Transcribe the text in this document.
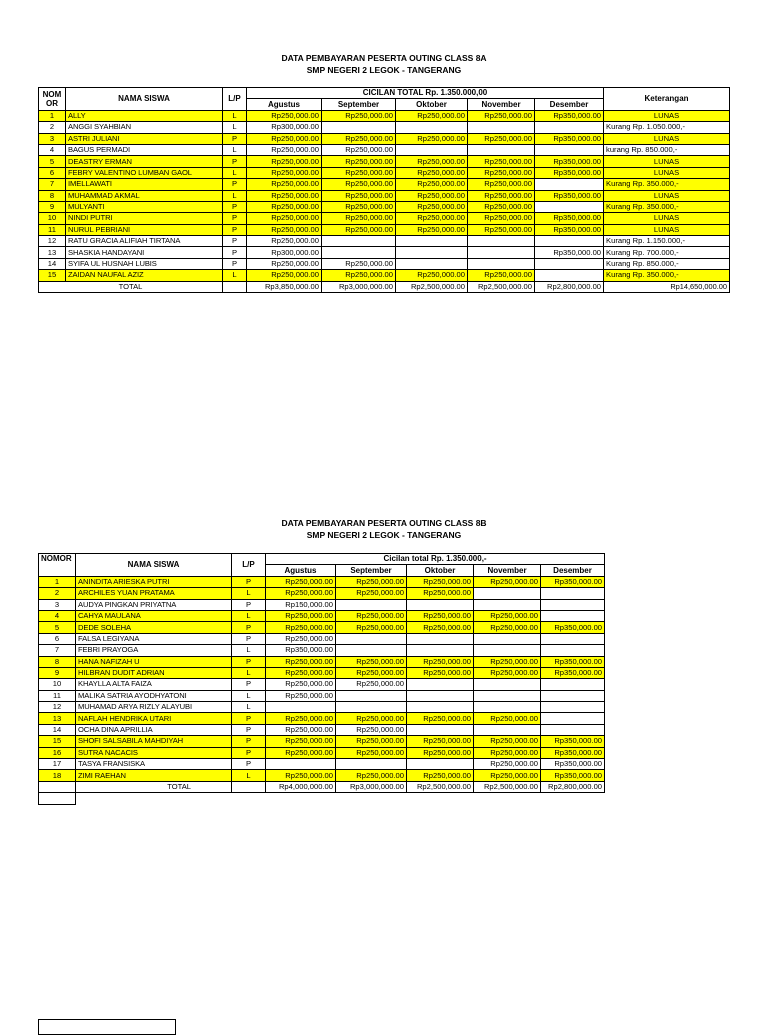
DATA PEMBAYARAN PESERTA OUTING CLASS 8A
SMP NEGERI 2 LEGOK - TANGERANG
NOM OR	NAMA SISWA	L/P	CICILAN TOTAL Rp. 1.350.000,00					Keterangan
			Agustus	September	Oktober	November	Desember	
1	ALLY	L	Rp250,000.00	Rp250,000.00	Rp250,000.00	Rp250,000.00	Rp350,000.00	LUNAS
2	ANGGI SYAHBIAN	L	Rp300,000.00					Kurang Rp. 1.050.000,-
3	ASTRI JULIANI	P	Rp250,000.00	Rp250,000.00	Rp250,000.00	Rp250,000.00	Rp350,000.00	LUNAS
4	BAGUS PERMADI	L	Rp250,000.00	Rp250,000.00				kurang Rp. 850.000,-
5	DEASTRY ERMAN	P	Rp250,000.00	Rp250,000.00	Rp250,000.00	Rp250,000.00	Rp350,000.00	LUNAS
6	FEBRY VALENTINO LUMBAN GAOL	L	Rp250,000.00	Rp250,000.00	Rp250,000.00	Rp250,000.00	Rp350,000.00	LUNAS
7	IMELLAWATI	P	Rp250,000.00	Rp250,000.00	Rp250,000.00	Rp250,000.00		Kurang Rp. 350.000,-
8	MUHAMMAD AKMAL	L	Rp250,000.00	Rp250,000.00	Rp250,000.00	Rp250,000.00	Rp350,000.00	LUNAS
9	MULYANTI	P	Rp250,000.00	Rp250,000.00	Rp250,000.00	Rp250,000.00		Kurang Rp. 350.000,-
10	NINDI PUTRI	P	Rp250,000.00	Rp250,000.00	Rp250,000.00	Rp250,000.00	Rp350,000.00	LUNAS
11	NURUL PEBRIANI	P	Rp250,000.00	Rp250,000.00	Rp250,000.00	Rp250,000.00	Rp350,000.00	LUNAS
12	RATU GRACIA ALIFIAH TIRTANA	P	Rp250,000.00					Kurang Rp. 1.150.000,-
13	SHASKIA HANDAYANI	P	Rp300,000.00				Rp350,000.00	Kurang Rp. 700.000,-
14	SYIFA UL HUSNAH LUBIS	P	Rp250,000.00	Rp250,000.00				Kurang Rp. 850.000,-
15	ZAIDAN NAUFAL AZIZ	L	Rp250,000.00	Rp250,000.00	Rp250,000.00	Rp250,000.00		Kurang Rp. 350.000,-
TOTAL			Rp3,850,000.00	Rp3,000,000.00	Rp2,500,000.00	Rp2,500,000.00	Rp2,800,000.00	Rp14,650,000.00
DATA PEMBAYARAN PESERTA OUTING CLASS 8B
SMP NEGERI 2 LEGOK - TANGERANG
NOMOR	NAMA SISWA	L/P	Cicilan total Rp. 1.350.000,-				
			Agustus	September	Oktober	November	Desember
1	ANINDITA ARIESKA PUTRI	P	Rp250,000.00	Rp250,000.00	Rp250,000.00	Rp250,000.00	Rp350,000.00
2	ARCHILES YUAN PRATAMA	L	Rp250,000.00	Rp250,000.00	Rp250,000.00		
3	AUDYA PINGKAN PRIYATNA	P	Rp150,000.00				
4	CAHYA MAULANA	L	Rp250,000.00	Rp250,000.00	Rp250,000.00	Rp250,000.00	
5	DEDE SOLEHA	P	Rp250,000.00	Rp250,000.00	Rp250,000.00	Rp250,000.00	Rp350,000.00
6	FALSA LEGIYANA	P	Rp250,000.00				
7	FEBRI PRAYOGA	L	Rp350,000.00				
8	HANA NAFIZAH U	P	Rp250,000.00	Rp250,000.00	Rp250,000.00	Rp250,000.00	Rp350,000.00
9	HILBRAN DUDIT ADRIAN	L	Rp250,000.00	Rp250,000.00	Rp250,000.00	Rp250,000.00	Rp350,000.00
10	KHAYLLA ALTA FAIZA	P	Rp250,000.00	Rp250,000.00			
11	MALIKA SATRIA AYODHYATONI	L	Rp250,000.00				
12	MUHAMAD ARYA RIZLY ALAYUBI	L					
13	NAFLAH HENDRIKA UTARI	P	Rp250,000.00	Rp250,000.00	Rp250,000.00	Rp250,000.00	
14	OCHA DINA APRILLIA	P	Rp250,000.00	Rp250,000.00			
15	SHOFI SALSABILA MAHDIYAH	P	Rp250,000.00	Rp250,000.00	Rp250,000.00	Rp250,000.00	Rp350,000.00
16	SUTRA NACACIS	P	Rp250,000.00	Rp250,000.00	Rp250,000.00	Rp250,000.00	Rp350,000.00
17	TASYA FRANSISKA	P				Rp250,000.00	Rp350,000.00
18	ZIMI RAEHAN	L	Rp250,000.00	Rp250,000.00	Rp250,000.00	Rp250,000.00	Rp350,000.00
	TOTAL		Rp4,000,000.00	Rp3,000,000.00	Rp2,500,000.00	Rp2,500,000.00	Rp2,800,000.00
